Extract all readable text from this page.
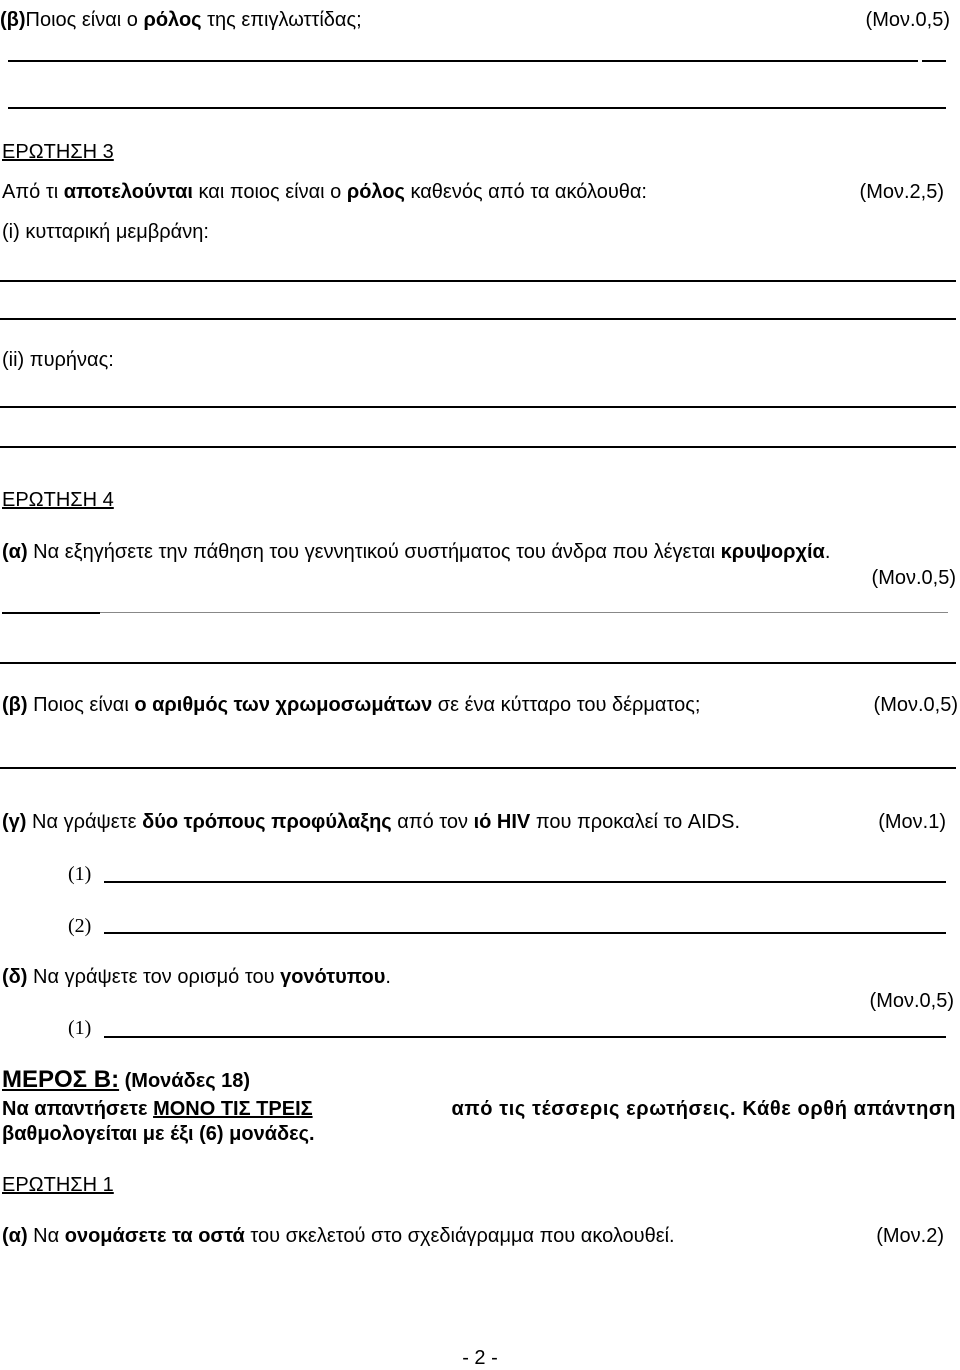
(β)Ποιος είναι ο ρόλος της επιγλωττίδας;	(Μον.0,5)
ΕΡΩΤΗΣΗ 3
Από τι αποτελούνται και ποιος είναι ο ρόλος καθενός από τα ακόλουθα:	(Μον.2,5)
(i) κυτταρική μεμβράνη:
(ii) πυρήνας:
ΕΡΩΤΗΣΗ 4
(α) Να εξηγήσετε την πάθηση του γεννητικού συστήματος του άνδρα που λέγεται κρυψορχία.
(Μον.0,5)
(β) Ποιος είναι ο αριθμός των χρωμοσωμάτων σε ένα κύτταρο του δέρματος;	(Μον.0,5)
(γ) Να γράψετε δύο τρόπους προφύλαξης από τον ιό HIV που προκαλεί το AIDS.	(Μον.1)
(1)
(2)
(δ) Να γράψετε τον ορισμό του γονότυπου.
(Μον.0,5)
(1)
ΜΕΡΟΣ Β: (Μονάδες 18)
Να απαντήσετε ΜΟΝΟ ΤΙΣ ΤΡΕΙΣ	από τις τέσσερις ερωτήσεις. Κάθε ορθή απάντηση
βαθμολογείται με έξι (6) μονάδες.
ΕΡΩΤΗΣΗ 1
(α) Να ονομάσετε τα οστά του σκελετού στο σχεδιάγραμμα που ακολουθεί.	(Μον.2)
- 2 -
